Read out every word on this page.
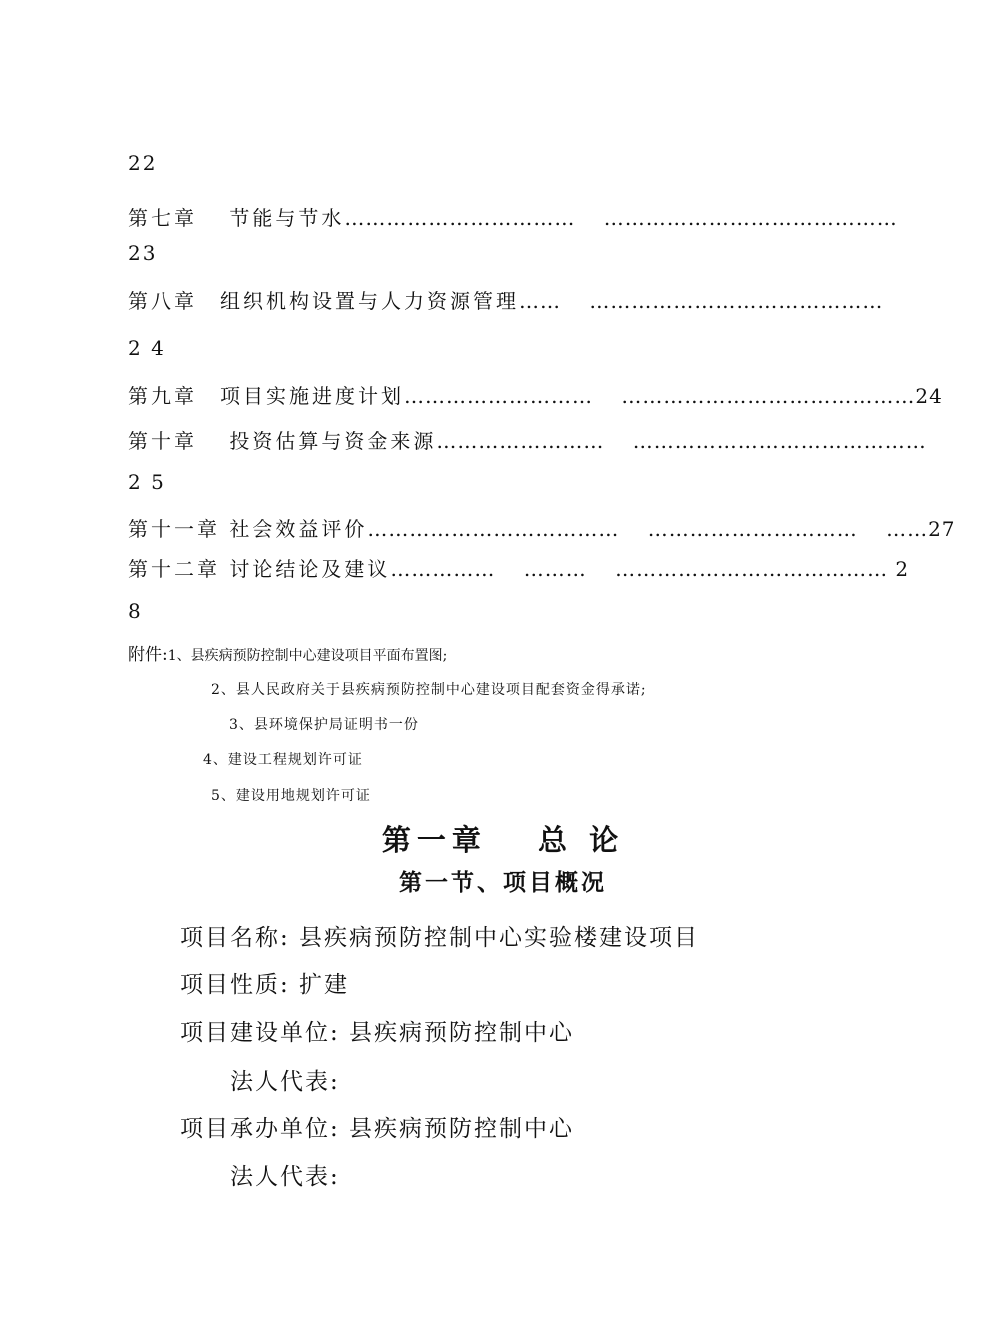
22
第七章　 节能与节水……………………………　 ……………………………………
23
第八章　组织机构设置与人力资源管理……　 ……………………………………
2 4
第九章　项目实施进度计划………………………　 ……………………………………24
第十章　 投资估算与资金来源……………………　 ……………………………………
2 5
第十一章 社会效益评价………………………………　 …………………………　 ……27
第十二章 讨论结论及建议……………　 ………　 ………………………………… 2
8
附件:1、县疾病预防控制中心建设项目平面布置图;
2、县人民政府关于县疾病预防控制中心建设项目配套资金得承诺;
3、县环境保护局证明书一份
4、建设工程规划许可证
5、建设用地规划许可证
第一章　 总 论
第一节、项目概况
项目名称: 县疾病预防控制中心实验楼建设项目
项目性质: 扩建
项目建设单位: 县疾病预防控制中心
法人代表:
项目承办单位: 县疾病预防控制中心
法人代表:
